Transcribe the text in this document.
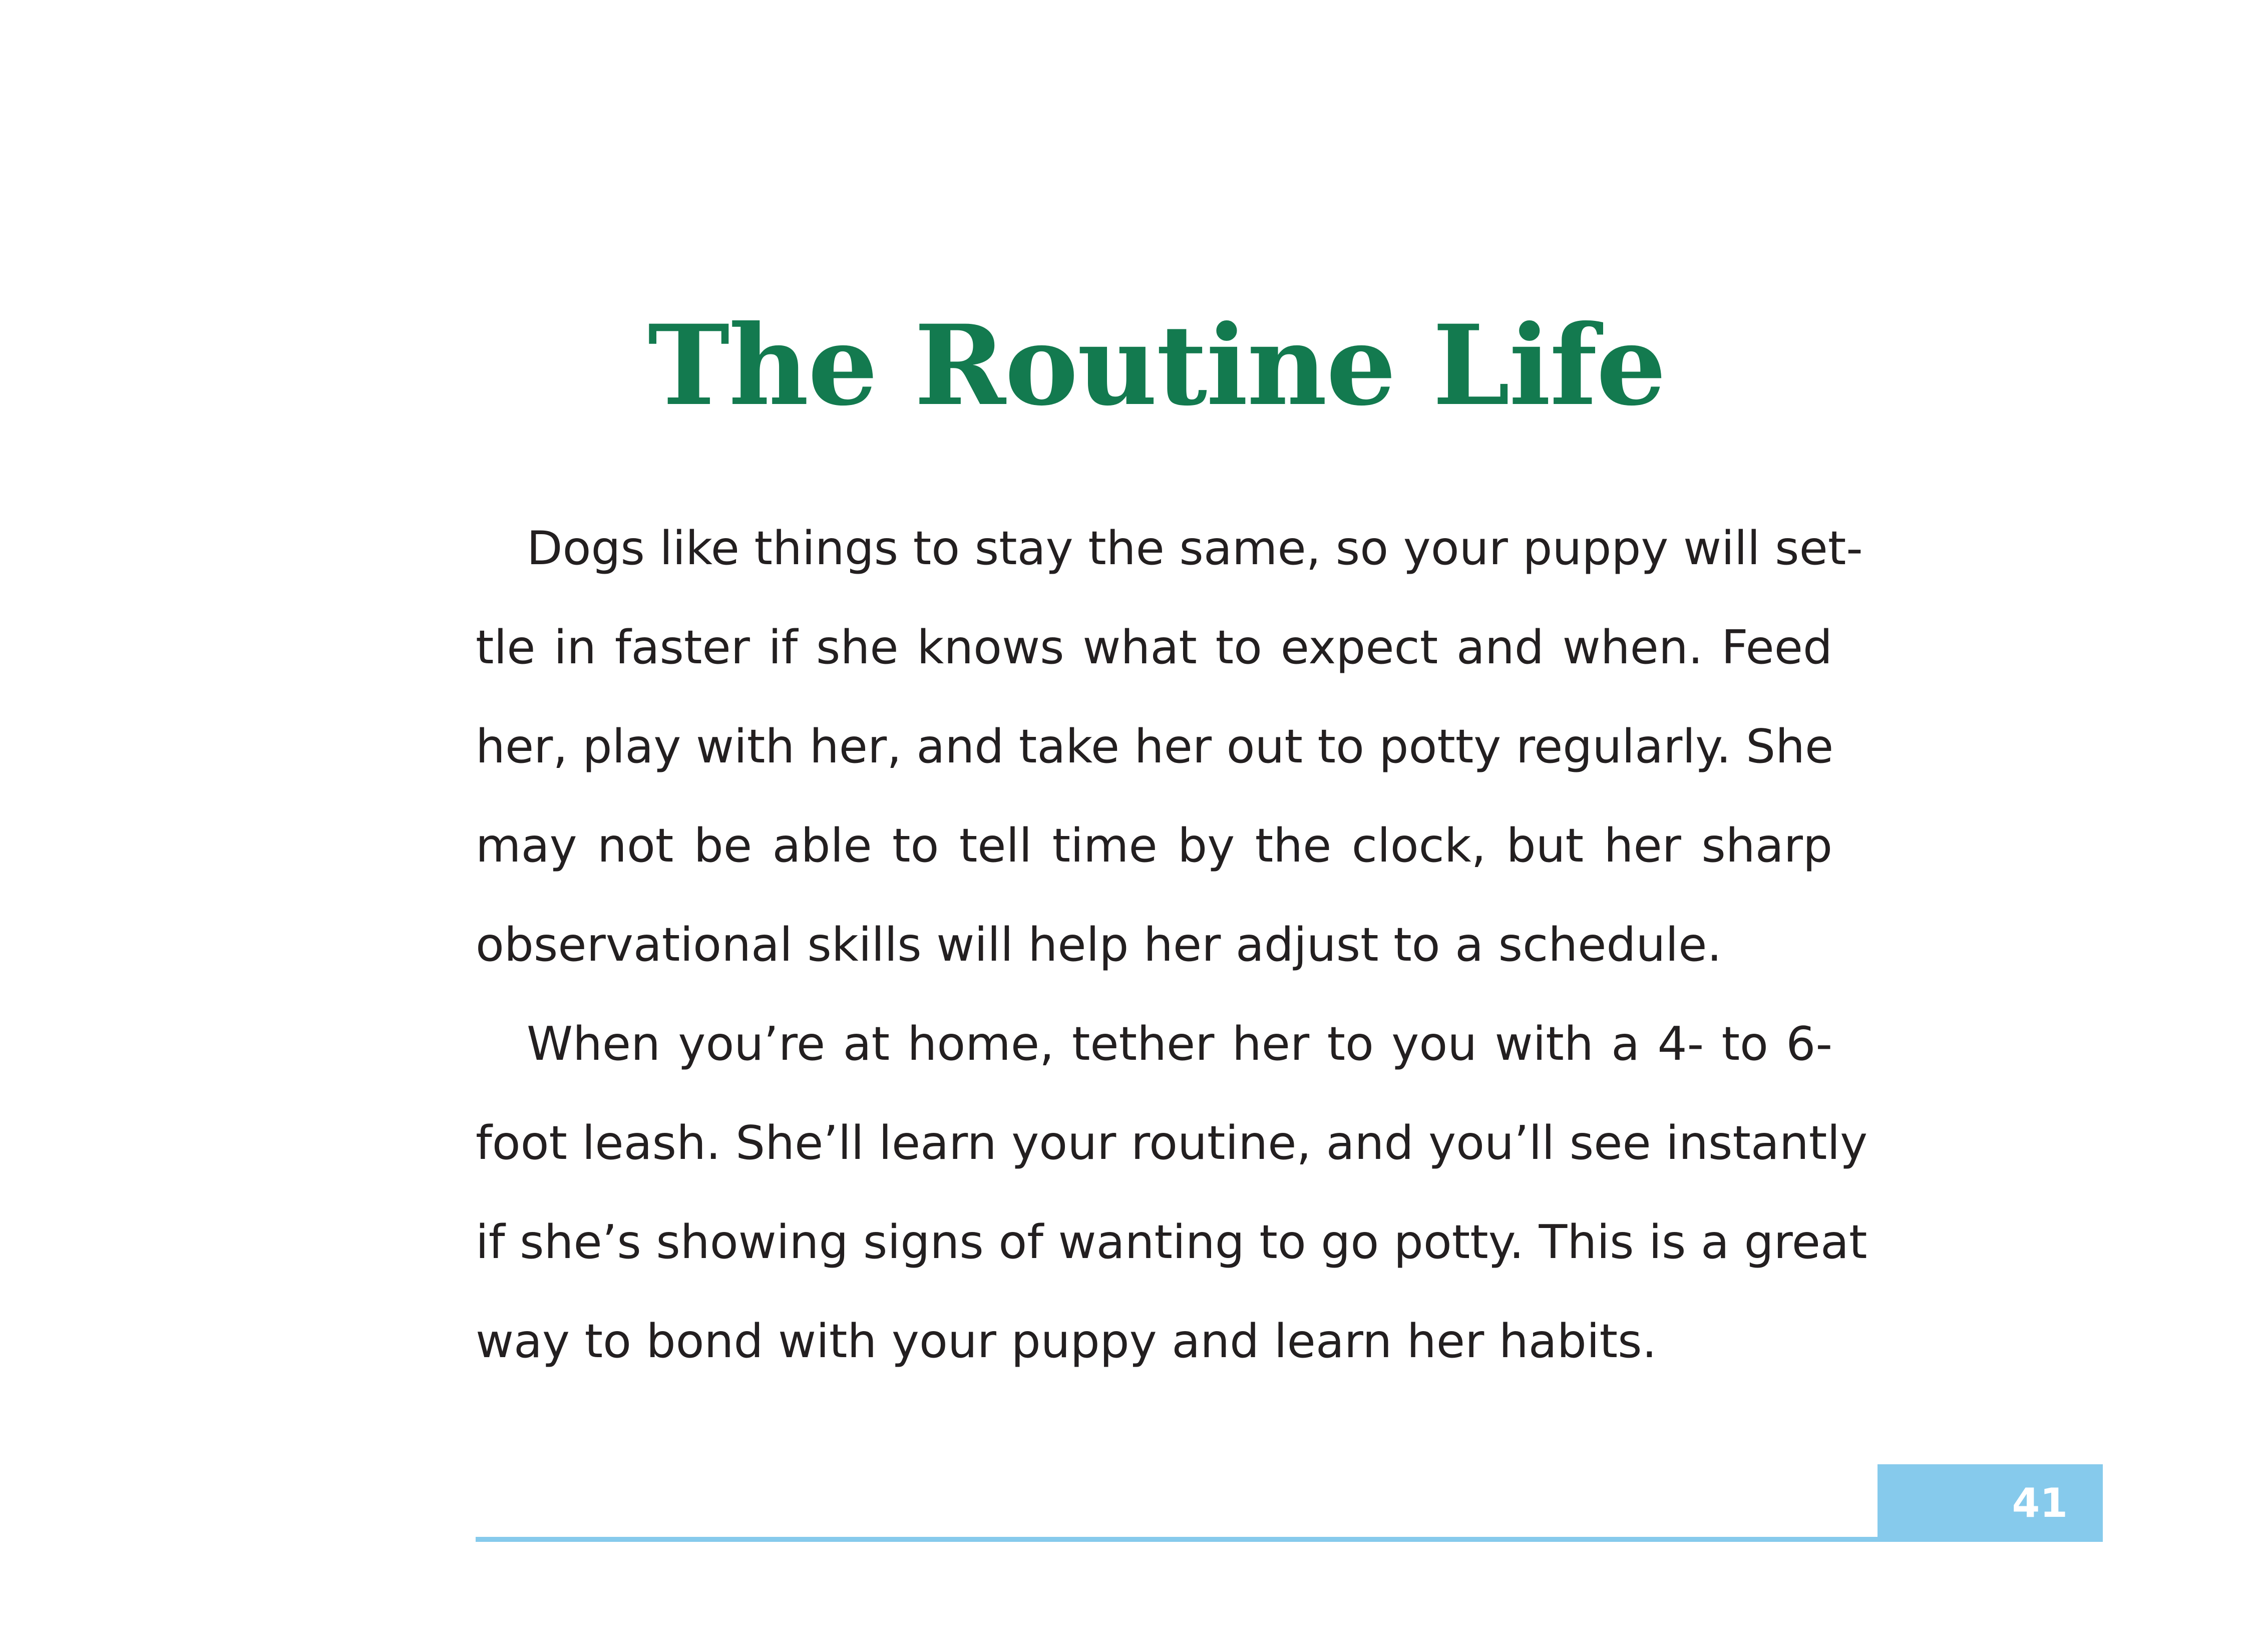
The Routine Life
Dogs like things to stay the same, so your puppy will set-
tle in faster if she knows what to expect and when. Feed
her, play with her, and take her out to potty regularly. She
may not be able to tell time by the clock, but her sharp
observational skills will help her adjust to a schedule.
When you’re at home, tether her to you with a 4- to 6-
foot leash. She’ll learn your routine, and you’ll see instantly
if she’s showing signs of wanting to go potty. This is a great
way to bond with your puppy and learn her habits.
41
